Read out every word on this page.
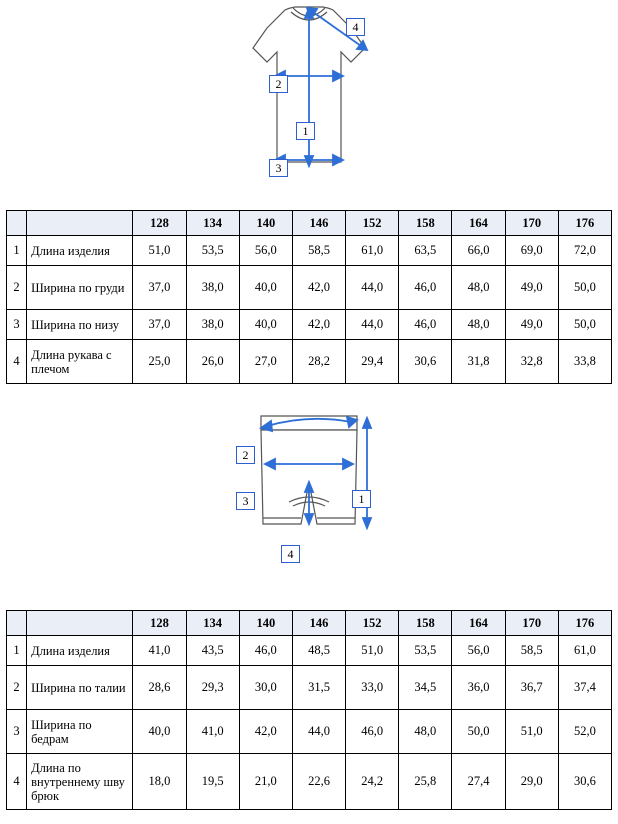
1
2
3
4
		128	134	140	146	152	158	164	170	176
1	Длина изделия	51,0	53,5	56,0	58,5	61,0	63,5	66,0	69,0	72,0
2	Ширина по груди	37,0	38,0	40,0	42,0	44,0	46,0	48,0	49,0	50,0
3	Ширина по низу	37,0	38,0	40,0	42,0	44,0	46,0	48,0	49,0	50,0
4	Длина рукава с плечом	25,0	26,0	27,0	28,2	29,4	30,6	31,8	32,8	33,8
1
2
3
4
		128	134	140	146	152	158	164	170	176
1	Длина изделия	41,0	43,5	46,0	48,5	51,0	53,5	56,0	58,5	61,0
2	Ширина по талии	28,6	29,3	30,0	31,5	33,0	34,5	36,0	36,7	37,4
3	Ширина по бедрам	40,0	41,0	42,0	44,0	46,0	48,0	50,0	51,0	52,0
4	Длина по внутреннему шву брюк	18,0	19,5	21,0	22,6	24,2	25,8	27,4	29,0	30,6
